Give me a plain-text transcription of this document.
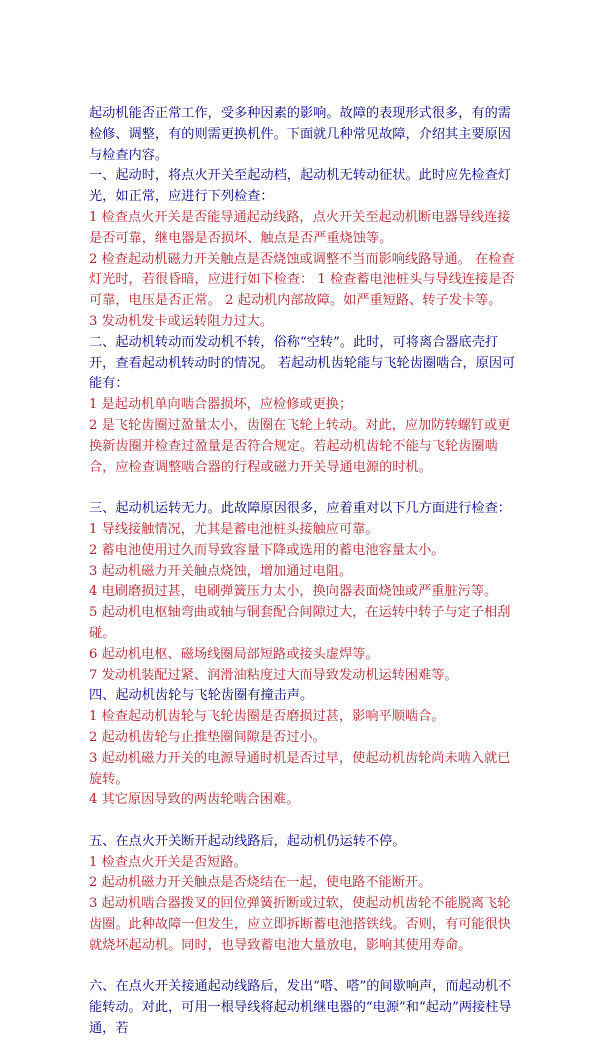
起动机能否正常工作，受多种因素的影响。故障的表现形式很多，有的需检修、调整，有的则需更换机件。下面就几种常见故障，介绍其主要原因与检查内容。

一、起动时，将点火开关至起动档，起动机无转动征状。此时应先检查灯光，如正常，应进行下列检查：

1 检查点火开关是否能导通起动线路，点火开关至起动机断电器导线连接是否可靠，继电器是否损坏、触点是否严重烧蚀等。

2 检查起动机磁力开关触点是否烧蚀或调整不当而影响线路导通。 在检查灯光时，若很昏暗，应进行如下检查： 1 检查蓄电池桩头与导线连接是否可靠，电压是否正常。 2 起动机内部故障。如严重短路、转子发卡等。

3 发动机发卡或运转阻力过大。

二、起动机转动而发动机不转，俗称“空转”。此时，可将离合器底壳打开，查看起动机转动时的情况。 若起动机齿轮能与飞轮齿圈啮合，原因可能有：

1 是起动机单向啮合器损坏，应检修或更换；

2 是飞轮齿圈过盈量太小，齿圈在飞轮上转动。对此，应加防转螺钉或更换新齿圈并检查过盈量是否符合规定。若起动机齿轮不能与飞轮齿圈啮合，应检查调整啮合器的行程或磁力开关导通电源的时机。

三、起动机运转无力。此故障原因很多，应着重对以下几方面进行检查：

1 导线接触情况，尤其是蓄电池桩头接触应可靠。

2 蓄电池使用过久而导致容量下降或选用的蓄电池容量太小。

3 起动机磁力开关触点烧蚀，增加通过电阻。

4 电刷磨损过甚，电刷弹簧压力太小，换向器表面烧蚀或严重脏污等。

5 起动机电枢轴弯曲或轴与铜套配合间隙过大，在运转中转子与定子相刮碰。

6 起动机电枢、磁场线圈局部短路或接头虚焊等。

7 发动机装配过紧、润滑油粘度过大而导致发动机运转困难等。

四、起动机齿轮与飞轮齿圈有撞击声。

1 检查起动机齿轮与飞轮齿圈是否磨损过甚，影响平顺啮合。

2 起动机齿轮与止推垫圈间隙是否过小。

3 起动机磁力开关的电源导通时机是否过早，使起动机齿轮尚未啮入就已旋转。

4 其它原因导致的两齿轮啮合困难。

五、在点火开关断开起动线路后，起动机仍运转不停。

1 检查点火开关是否短路。

2 起动机磁力开关触点是否烧结在一起，使电路不能断开。

3 起动机啮合器拨叉的回位弹簧折断或过软，使起动机齿轮不能脱离飞轮齿圈。此种故障一但发生，应立即拆断蓄电池搭铁线。否则，有可能很快就烧坏起动机。同时，也导致蓄电池大量放电，影响其使用寿命。

六、在点火开关接通起动线路后，发出“嗒、嗒”的间歇响声，而起动机不能转动。对此，可用一根导线将起动机继电器的“电源”和“起动”两接柱导通，若
